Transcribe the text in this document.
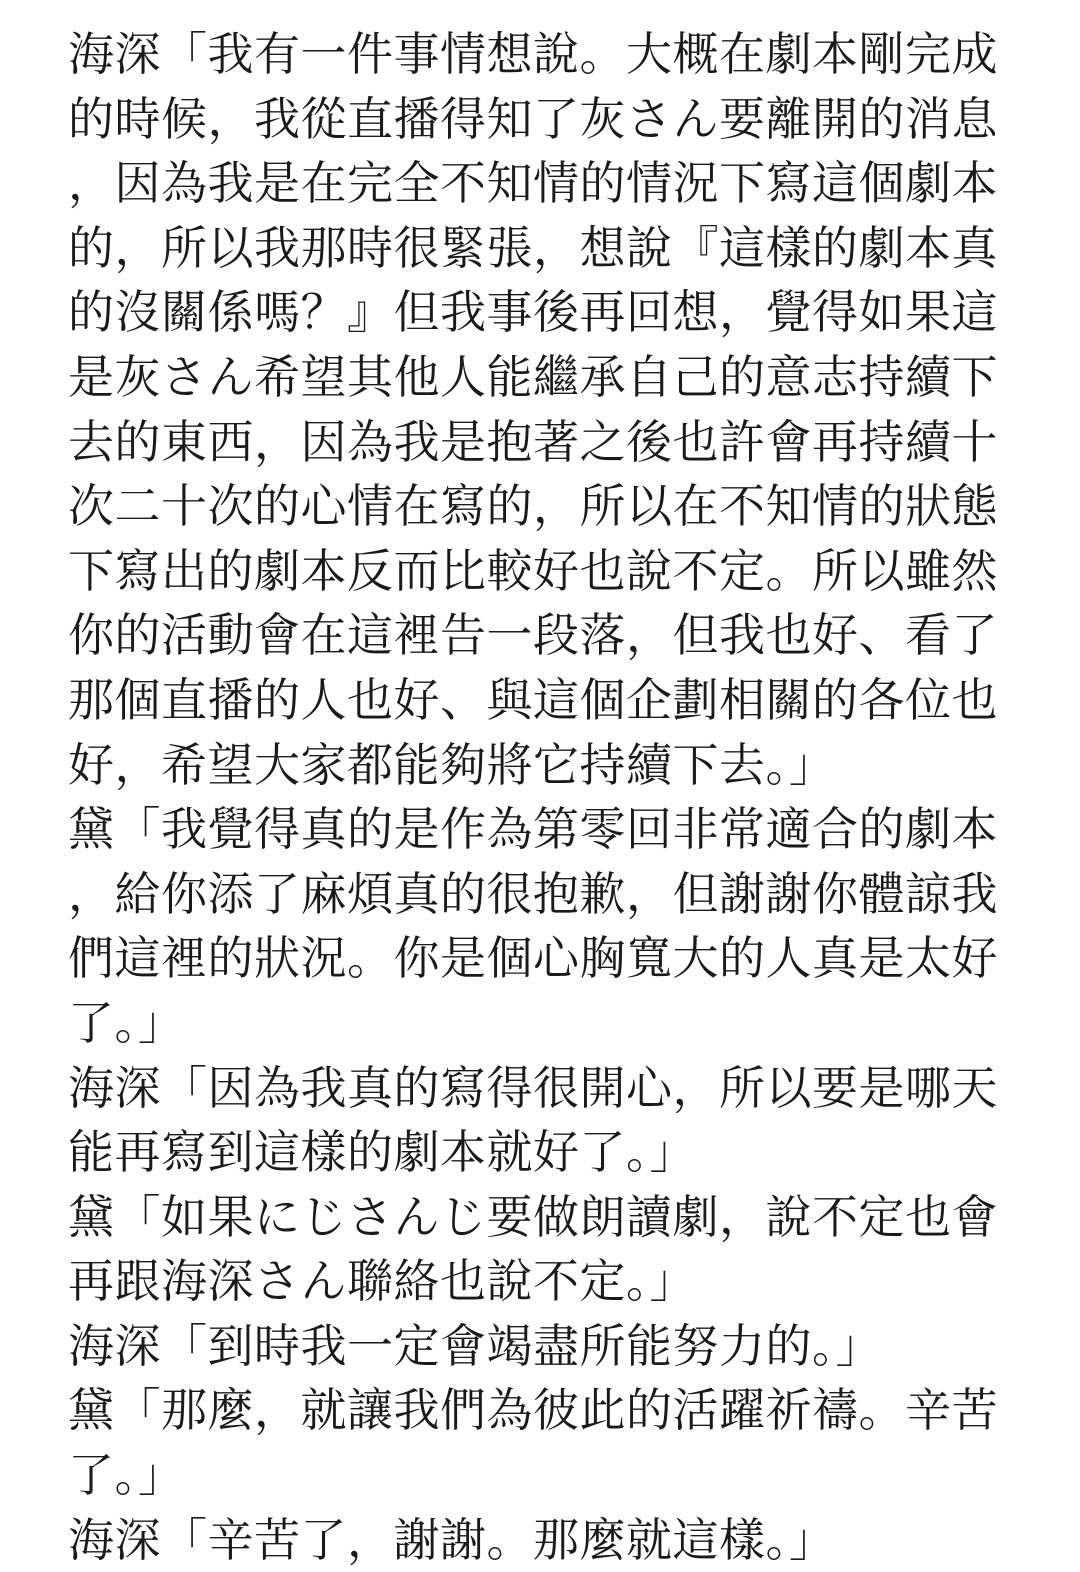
海深「我有一件事情想說。大概在劇本剛完成
的時候，我從直播得知了灰さん要離開的消息
，因為我是在完全不知情的情況下寫這個劇本
的，所以我那時很緊張，想說『這樣的劇本真
的沒關係嗎？』但我事後再回想，覺得如果這
是灰さん希望其他人能繼承自己的意志持續下
去的東西，因為我是抱著之後也許會再持續十
次二十次的心情在寫的，所以在不知情的狀態
下寫出的劇本反而比較好也說不定。所以雖然
你的活動會在這裡告一段落，但我也好、看了
那個直播的人也好、與這個企劃相關的各位也
好，希望大家都能夠將它持續下去。」
黛「我覺得真的是作為第零回非常適合的劇本
，給你添了麻煩真的很抱歉，但謝謝你體諒我
們這裡的狀況。你是個心胸寬大的人真是太好
了。」
海深「因為我真的寫得很開心，所以要是哪天
能再寫到這樣的劇本就好了。」
黛「如果にじさんじ要做朗讀劇，說不定也會
再跟海深さん聯絡也說不定。」
海深「到時我一定會竭盡所能努力的。」
黛「那麼，就讓我們為彼此的活躍祈禱。辛苦
了。」
海深「辛苦了，謝謝。那麼就這樣。」
